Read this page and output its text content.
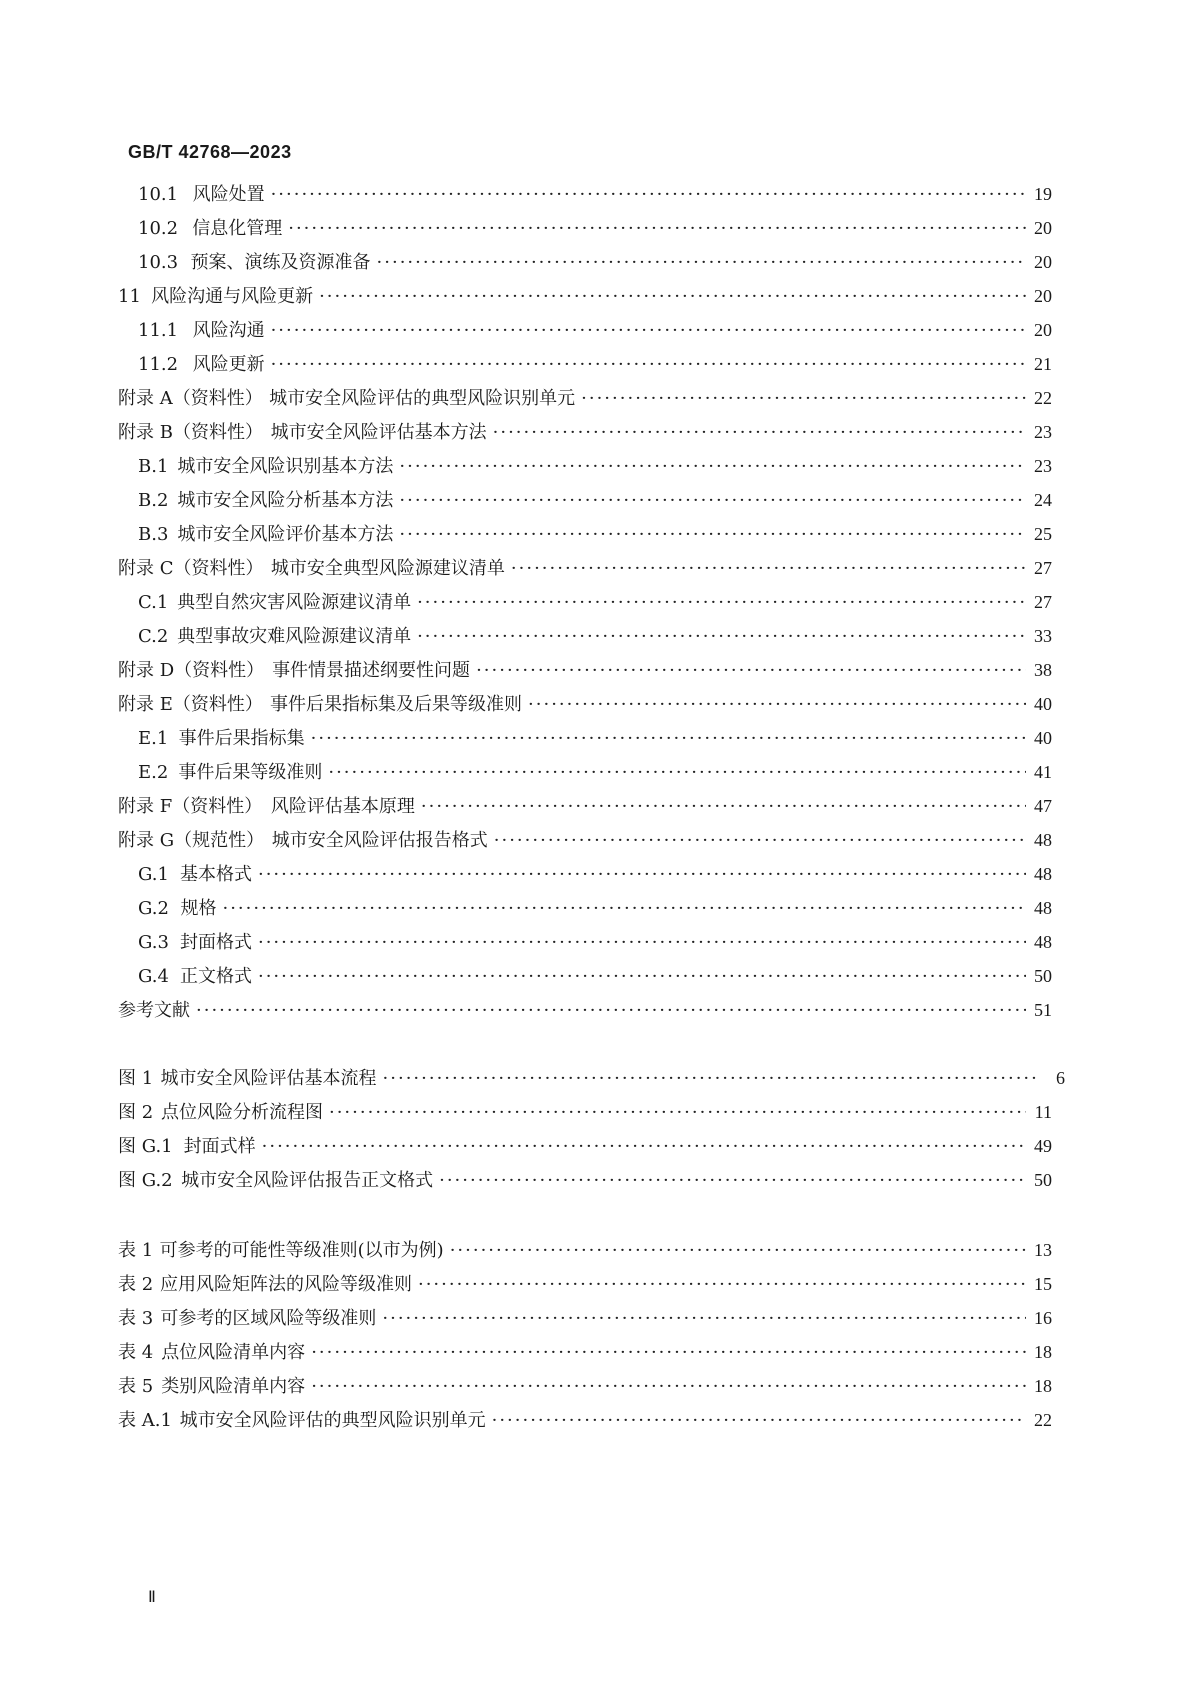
GB/T 42768—2023
10.1 风险处置 ·····	19
10.2 信息化管理 ·····	20
10.3 预案、演练及资源准备 ·····	20
11 风险沟通与风险更新 ·····	20
11.1 风险沟通 ·····	20
11.2 风险更新 ·····	21
附录 A（资料性） 城市安全风险评估的典型风险识别单元 ·····	22
附录 B（资料性） 城市安全风险评估基本方法 ·····	23
B.1 城市安全风险识别基本方法 ·····	23
B.2 城市安全风险分析基本方法 ·····	24
B.3 城市安全风险评价基本方法 ·····	25
附录 C（资料性） 城市安全典型风险源建议清单 ·····	27
C.1 典型自然灾害风险源建议清单 ·····	27
C.2 典型事故灾难风险源建议清单 ·····	33
附录 D（资料性） 事件情景描述纲要性问题 ·····	38
附录 E（资料性） 事件后果指标集及后果等级准则 ·····	40
E.1 事件后果指标集 ·····	40
E.2 事件后果等级准则 ·····	41
附录 F（资料性） 风险评估基本原理 ·····	47
附录 G（规范性） 城市安全风险评估报告格式 ·····	48
G.1 基本格式 ·····	48
G.2 规格 ·····	48
G.3 封面格式 ·····	48
G.4 正文格式 ·····	50
参考文献 ·····	51
图 1 城市安全风险评估基本流程 ·····	6
图 2 点位风险分析流程图 ·····	11
图 G.1 封面式样 ·····	49
图 G.2 城市安全风险评估报告正文格式 ·····	50
表 1 可参考的可能性等级准则(以市为例) ·····	13
表 2 应用风险矩阵法的风险等级准则 ·····	15
表 3 可参考的区域风险等级准则 ·····	16
表 4 点位风险清单内容 ·····	18
表 5 类别风险清单内容 ·····	18
表 A.1 城市安全风险评估的典型风险识别单元 ·····	22
Ⅱ
